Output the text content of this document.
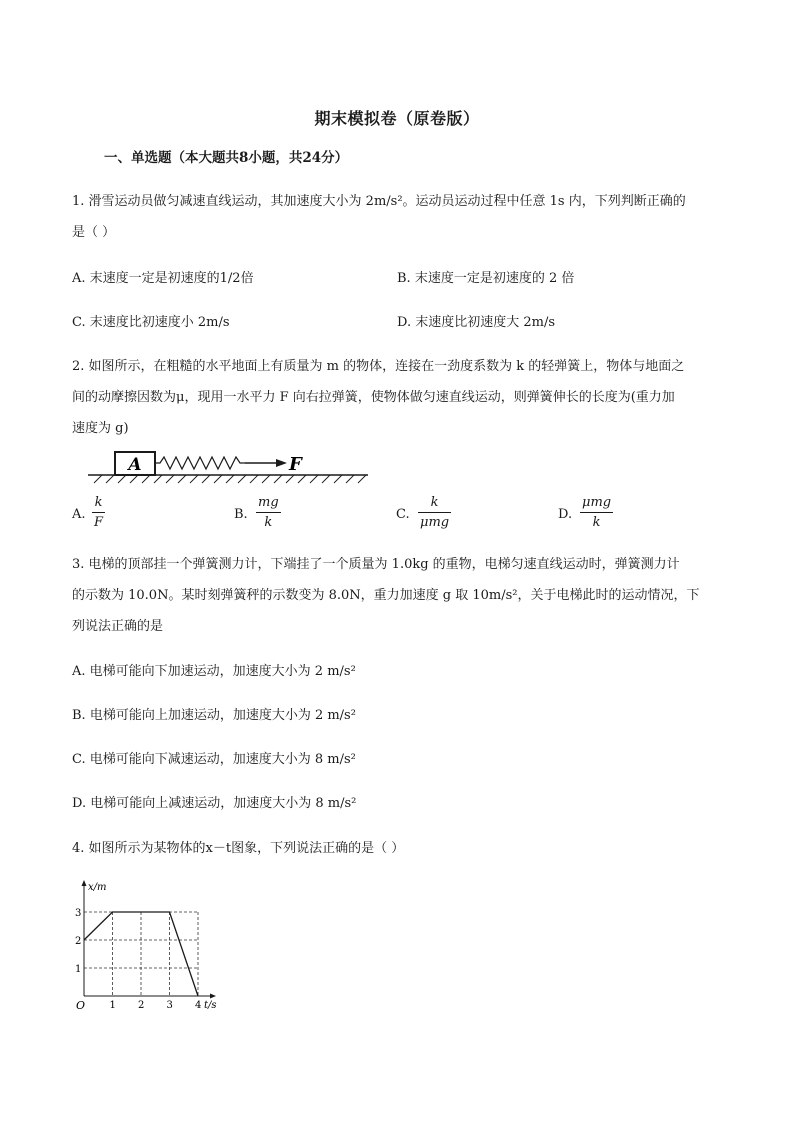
期末模拟卷（原卷版）
一、单选题（本大题共8小题，共24分）
1. 滑雪运动员做匀减速直线运动，其加速度大小为 2m/s²。运动员运动过程中任意 1s 内，下列判断正确的
是（ ）
A. 末速度一定是初速度的1/2倍	B. 末速度一定是初速度的 2 倍
C. 末速度比初速度小 2m/s	D. 末速度比初速度大 2m/s
2. 如图所示，在粗糙的水平地面上有质量为 m 的物体，连接在一劲度系数为 k 的轻弹簧上，物体与地面之
间的动摩擦因数为μ，现用一水平力 F 向右拉弹簧，使物体做匀速直线运动，则弹簧伸长的长度为(重力加
速度为 g)
A	F
A.
k
F
B.
mg
k
C.
k
μmg
D.
μmg
k
3. 电梯的顶部挂一个弹簧测力计，下端挂了一个质量为 1.0kg 的重物，电梯匀速直线运动时，弹簧测力计
的示数为 10.0N。某时刻弹簧秤的示数变为 8.0N，重力加速度 g 取 10m/s²，关于电梯此时的运动情况，下
列说法正确的是
A. 电梯可能向下加速运动，加速度大小为 2 m/s²
B. 电梯可能向上加速运动，加速度大小为 2 m/s²
C. 电梯可能向下减速运动，加速度大小为 8 m/s²
D. 电梯可能向上减速运动，加速度大小为 8 m/s²
4. 如图所示为某物体的x－t图象，下列说法正确的是（ ）
1 2 3 4
1
2
3
x/m
t/s
O
